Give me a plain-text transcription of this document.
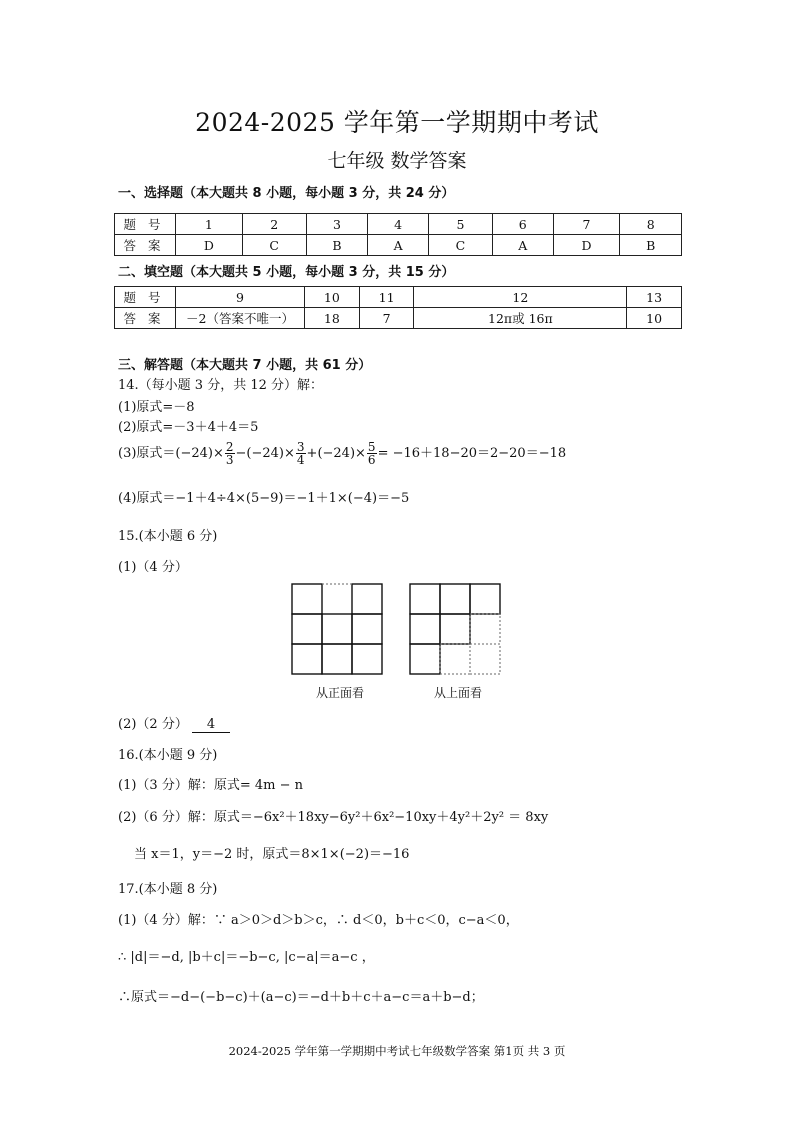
2024-2025 学年第一学期期中考试
七年级 数学答案
一、选择题（本大题共 8 小题，每小题 3 分，共 24 分）
题号	1	2	3	4	5	6	7	8
答案	D	C	B	A	C	A	D	B
二、填空题（本大题共 5 小题，每小题 3 分，共 15 分）
题号	9	10	11	12	13
答案	－2（答案不唯一）	18	7	12π或 16π	10
三、解答题（本大题共 7 小题，共 61 分）
14.（每小题 3 分，共 12 分）解：
(1)原式=－8
(2)原式=－3＋4＋4＝5
(3)原式$=(-24)\times \frac{2}{3} -(-24)\times \frac{3}{4} +(-24)\times \frac{5}{6} = -16+18-20=2-20=-18$
(4)原式＝−1＋4÷4×(5−9)＝−1＋1×(−4)＝−5
15.(本小题 6 分)
(1)（4 分）
从正面看	从上面看
(2)（2 分） 4
16.(本小题 9 分)
(1)（3 分）解：原式= 4m − n
(2)（6 分）解：原式＝−6x²＋18xy−6y²＋6x²−10xy＋4y²＋2y² ＝ 8xy
当 x＝1，y＝−2 时，原式＝8×1×(−2)＝−16
17.(本小题 8 分)
(1)（4 分）解：∵ a＞0＞d＞b＞c，∴ d＜0，b＋c＜0，c−a＜0，
∴ |d|＝−d, |b＋c|＝−b−c, |c−a|＝a−c ，
∴原式＝−d−(−b−c)＋(a−c)＝−d＋b＋c＋a−c＝a＋b−d；
2024-2025 学年第一学期期中考试七年级数学答案 第1页 共 3 页
